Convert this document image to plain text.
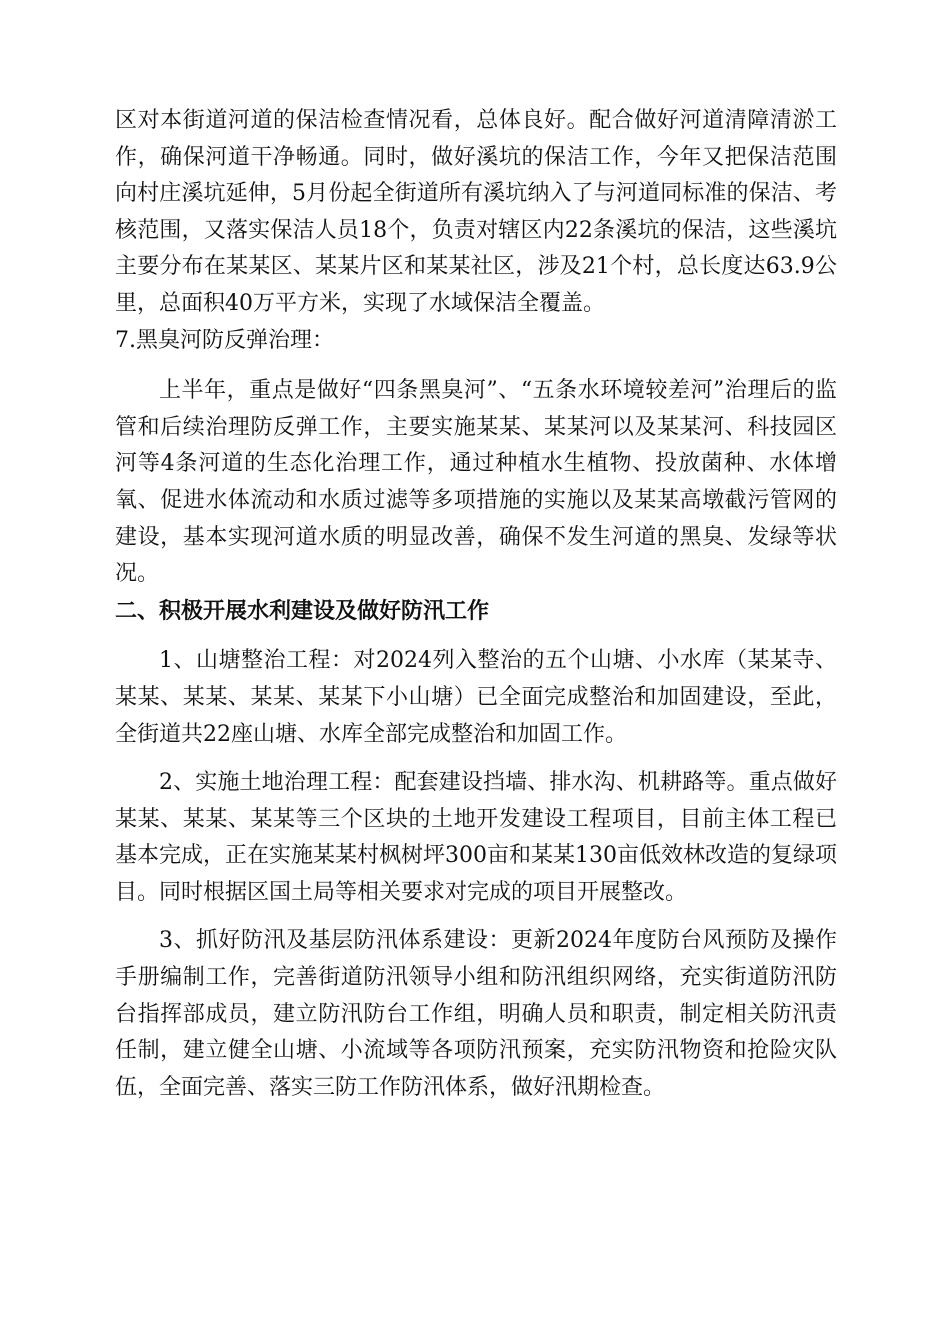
区对本街道河道的保洁检查情况看，总体良好。配合做好河道清障清淤工作，确保河道干净畅通。同时，做好溪坑的保洁工作，今年又把保洁范围向村庄溪坑延伸，5月份起全街道所有溪坑纳入了与河道同标准的保洁、考核范围，又落实保洁人员18个，负责对辖区内22条溪坑的保洁，这些溪坑主要分布在某某区、某某片区和某某社区，涉及21个村，总长度达63.9公里，总面积40万平方米，实现了水域保洁全覆盖。

7.黑臭河防反弹治理：

上半年，重点是做好“四条黑臭河”、“五条水环境较差河”治理后的监管和后续治理防反弹工作，主要实施某某、某某河以及某某河、科技园区河等4条河道的生态化治理工作，通过种植水生植物、投放菌种、水体增氧、促进水体流动和水质过滤等多项措施的实施以及某某高墩截污管网的建设，基本实现河道水质的明显改善，确保不发生河道的黑臭、发绿等状况。

二、积极开展水利建设及做好防汛工作

1、山塘整治工程：对2024列入整治的五个山塘、小水库（某某寺、某某、某某、某某、某某下小山塘）已全面完成整治和加固建设，至此，全街道共22座山塘、水库全部完成整治和加固工作。

2、实施土地治理工程：配套建设挡墙、排水沟、机耕路等。重点做好某某、某某、某某等三个区块的土地开发建设工程项目，目前主体工程已基本完成，正在实施某某村枫树坪300亩和某某130亩低效林改造的复绿项目。同时根据区国土局等相关要求对完成的项目开展整改。

3、抓好防汛及基层防汛体系建设：更新2024年度防台风预防及操作手册编制工作，完善街道防汛领导小组和防汛组织网络，充实街道防汛防台指挥部成员，建立防汛防台工作组，明确人员和职责，制定相关防汛责任制，建立健全山塘、小流域等各项防汛预案，充实防汛物资和抢险灾队伍，全面完善、落实三防工作防汛体系，做好汛期检查。
